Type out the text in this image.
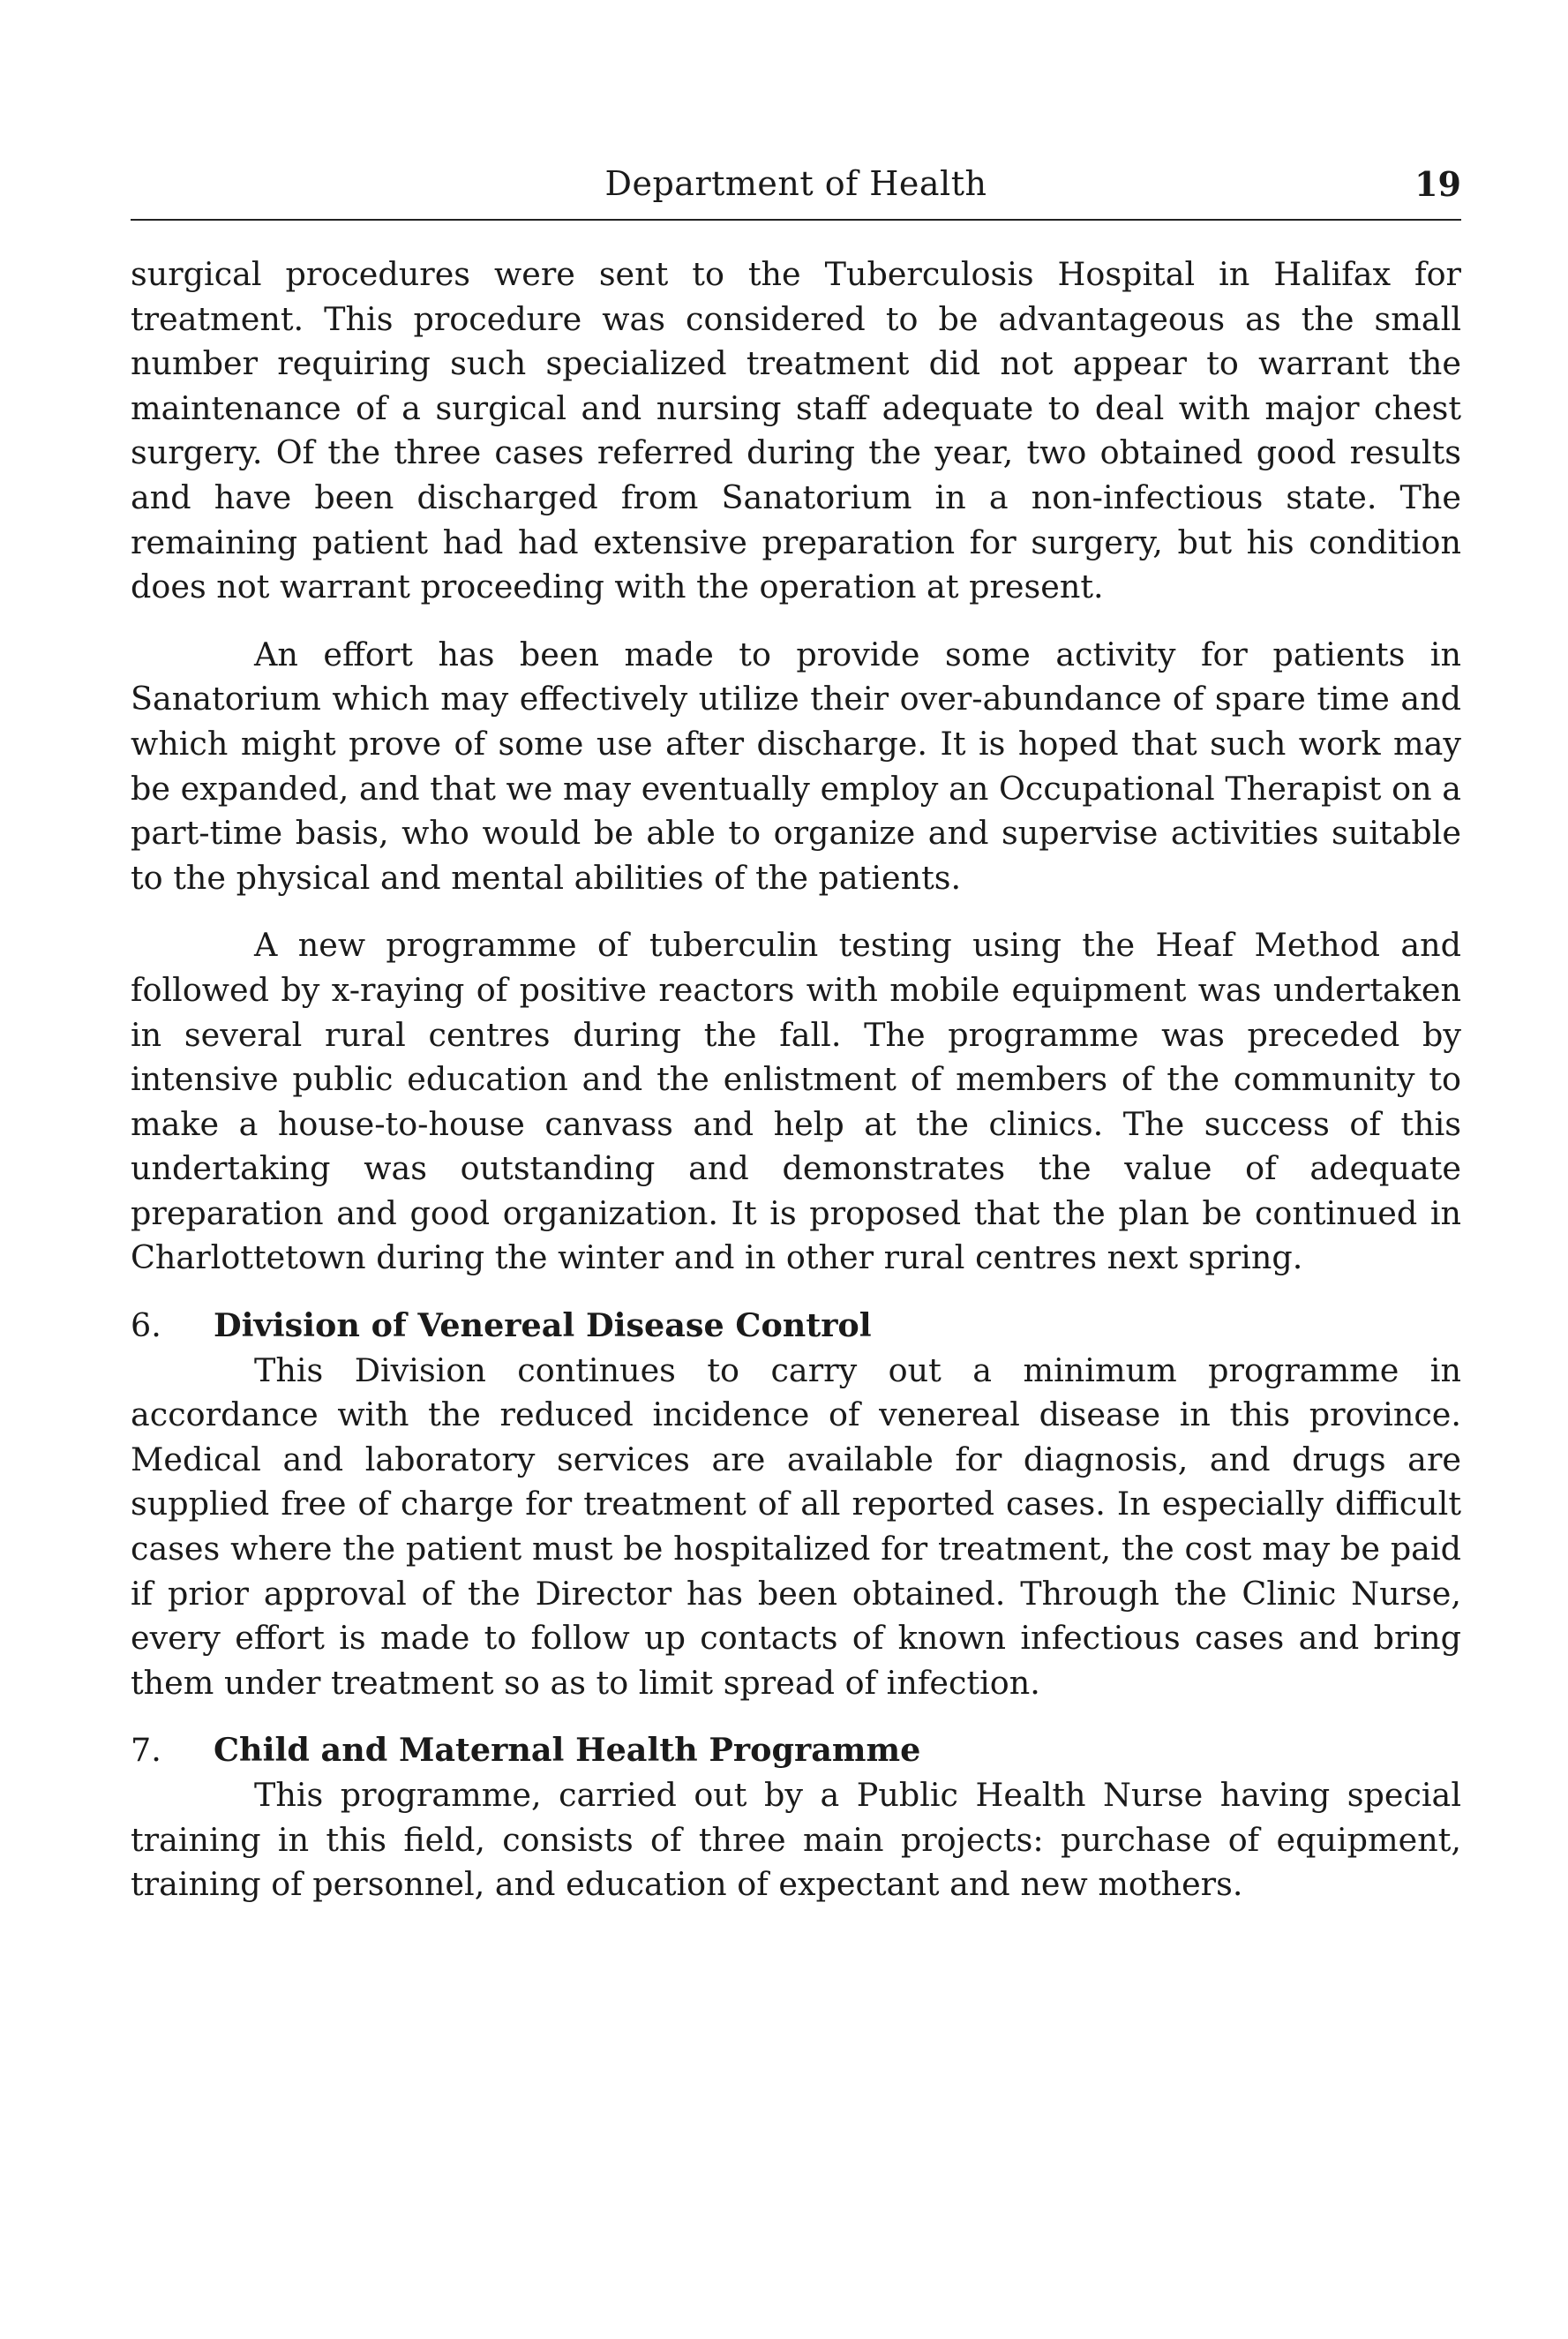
Department of Health	19

surgical procedures were sent to the Tuberculosis Hospital in Halifax for treatment. This procedure was considered to be advantageous as the small number requiring such specialized treatment did not appear to warrant the maintenance of a surgical and nursing staff adequate to deal with major chest surgery. Of the three cases referred during the year, two obtained good results and have been discharged from Sanatorium in a non-infectious state. The remaining patient had had extensive preparation for surgery, but his condition does not warrant proceeding with the operation at present.

An effort has been made to provide some activity for patients in Sanatorium which may effectively utilize their over-abundance of spare time and which might prove of some use after discharge. It is hoped that such work may be expanded, and that we may eventually employ an Occupational Therapist on a part-time basis, who would be able to organize and supervise activities suitable to the physical and mental abilities of the patients.

A new programme of tuberculin testing using the Heaf Method and followed by x-raying of positive reactors with mobile equipment was undertaken in several rural centres during the fall. The programme was preceded by intensive public education and the enlistment of members of the community to make a house-to-house canvass and help at the clinics. The success of this undertaking was outstanding and demonstrates the value of adequate preparation and good organization. It is proposed that the plan be continued in Charlottetown during the winter and in other rural centres next spring.

6.	Division of Venereal Disease Control

This Division continues to carry out a minimum programme in accordance with the reduced incidence of venereal disease in this province. Medical and laboratory services are available for diagnosis, and drugs are supplied free of charge for treatment of all reported cases. In especially difficult cases where the patient must be hospitalized for treatment, the cost may be paid if prior approval of the Director has been obtained. Through the Clinic Nurse, every effort is made to follow up contacts of known infectious cases and bring them under treatment so as to limit spread of infection.

7.	Child and Maternal Health Programme

This programme, carried out by a Public Health Nurse having special training in this field, consists of three main projects: purchase of equipment, training of personnel, and education of expectant and new mothers.
